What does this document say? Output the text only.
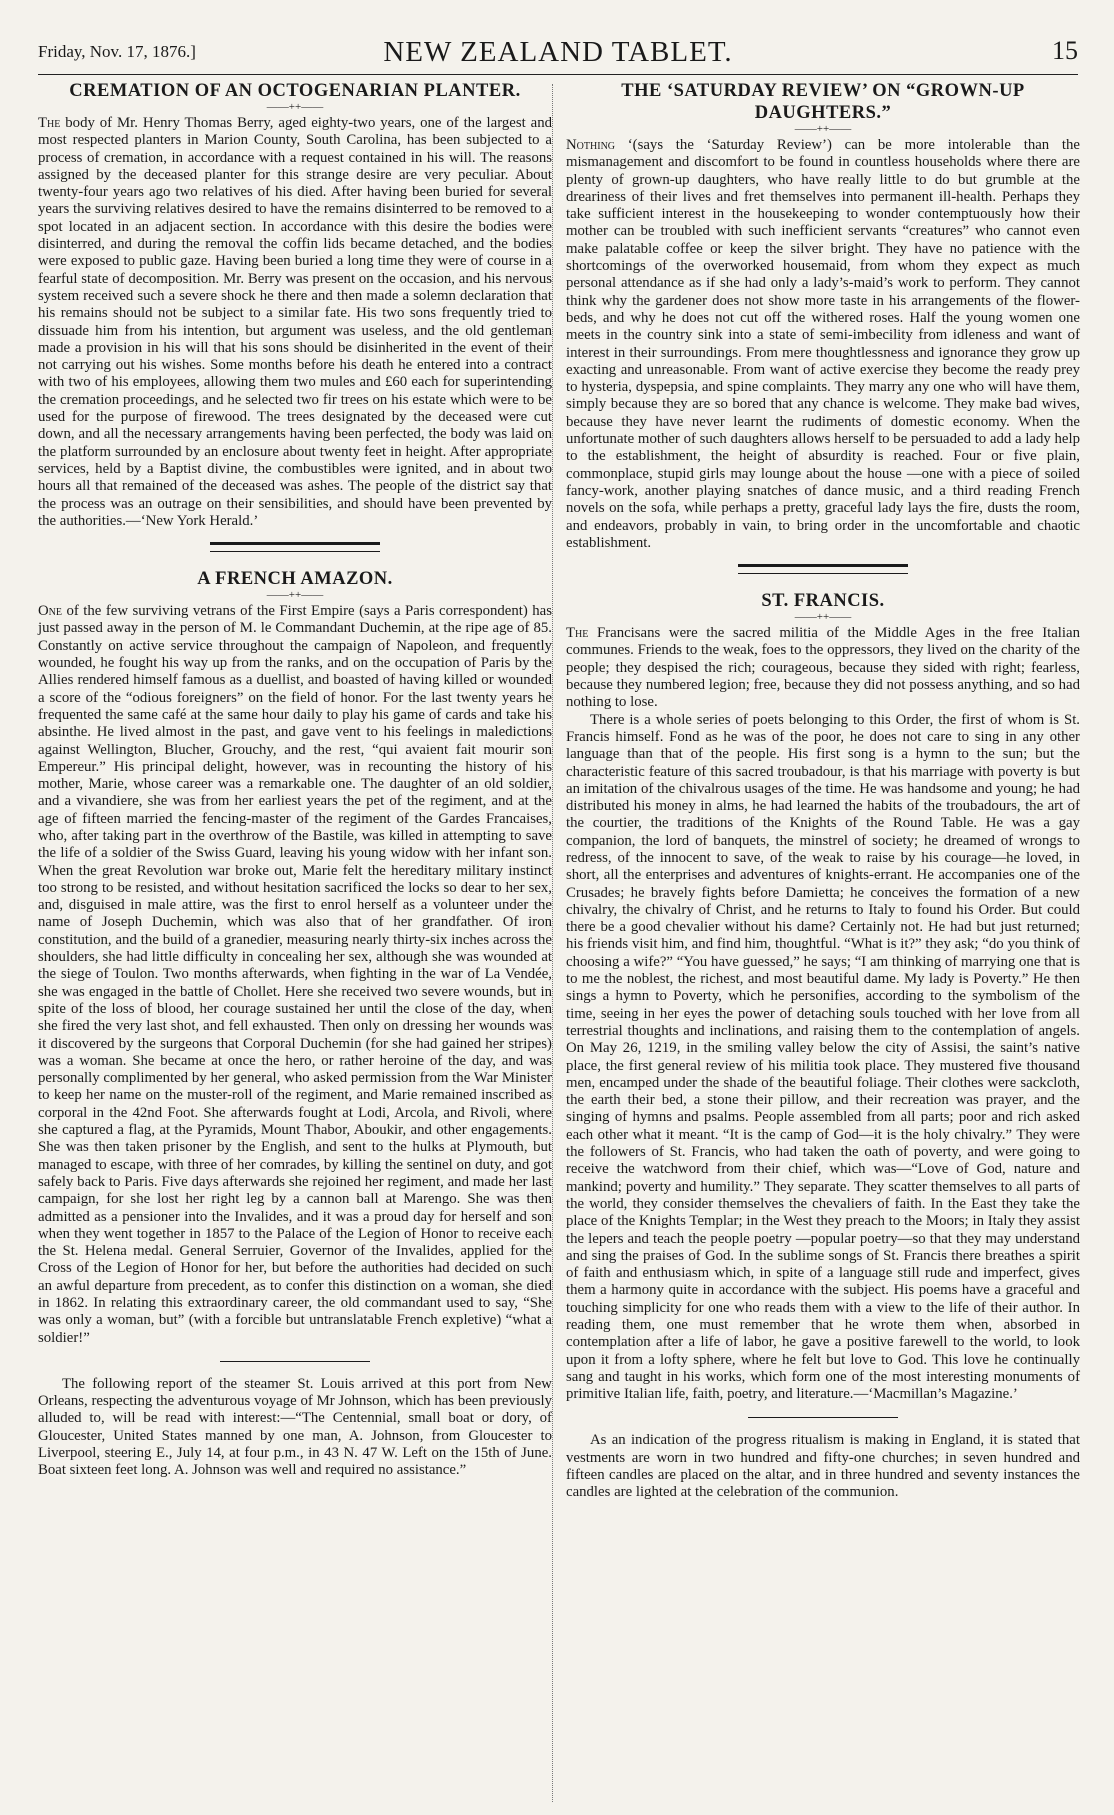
Friday, Nov. 17, 1876.]	NEW ZEALAND TABLET.	15
CREMATION OF AN OCTOGENARIAN PLANTER.
——++——

The body of Mr. Henry Thomas Berry, aged eighty-two years, one of the largest and most respected planters in Marion County, South Carolina, has been subjected to a process of cremation, in accordance with a request contained in his will. The reasons assigned by the deceased planter for this strange desire are very peculiar. About twenty-four years ago two relatives of his died. After having been buried for several years the surviving relatives desired to have the remains disinterred to be removed to a spot located in an adjacent section. In accordance with this desire the bodies were disinterred, and during the removal the coffin lids became detached, and the bodies were exposed to public gaze. Having been buried a long time they were of course in a fearful state of decomposition. Mr. Berry was present on the occasion, and his nervous system received such a severe shock he there and then made a solemn declaration that his remains should not be subject to a similar fate. His two sons frequently tried to dissuade him from his intention, but argument was useless, and the old gentleman made a provision in his will that his sons should be disinherited in the event of their not carrying out his wishes. Some months before his death he entered into a contract with two of his employees, allowing them two mules and £60 each for superintending the cremation proceedings, and he selected two fir trees on his estate which were to be used for the purpose of firewood. The trees designated by the deceased were cut down, and all the necessary arrangements having been perfected, the body was laid on the platform surrounded by an enclosure about twenty feet in height. After appropriate services, held by a Baptist divine, the combustibles were ignited, and in about two hours all that remained of the deceased was ashes. The people of the district say that the process was an outrage on their sensibilities, and should have been prevented by the authorities.—‘New York Herald.’

A FRENCH AMAZON.
——++——

One of the few surviving vetrans of the First Empire (says a Paris correspondent) has just passed away in the person of M. le Commandant Duchemin, at the ripe age of 85. Constantly on active service throughout the campaign of Napoleon, and frequently wounded, he fought his way up from the ranks, and on the occupation of Paris by the Allies rendered himself famous as a duellist, and boasted of having killed or wounded a score of the “odious foreigners” on the field of honor. For the last twenty years he frequented the same café at the same hour daily to play his game of cards and take his absinthe. He lived almost in the past, and gave vent to his feelings in maledictions against Wellington, Blucher, Grouchy, and the rest, “qui avaient fait mourir son Empereur.” His principal delight, however, was in recounting the history of his mother, Marie, whose career was a remarkable one. The daughter of an old soldier, and a vivandiere, she was from her earliest years the pet of the regiment, and at the age of fifteen married the fencing-master of the regiment of the Gardes Francaises, who, after taking part in the overthrow of the Bastile, was killed in attempting to save the life of a soldier of the Swiss Guard, leaving his young widow with her infant son. When the great Revolution war broke out, Marie felt the hereditary military instinct too strong to be resisted, and without hesitation sacrificed the locks so dear to her sex, and, disguised in male attire, was the first to enrol herself as a volunteer under the name of Joseph Duchemin, which was also that of her grandfather. Of iron constitution, and the build of a granedier, measuring nearly thirty-six inches across the shoulders, she had little difficulty in concealing her sex, although she was wounded at the siege of Toulon. Two months afterwards, when fighting in the war of La Vendée, she was engaged in the battle of Chollet. Here she received two severe wounds, but in spite of the loss of blood, her courage sustained her until the close of the day, when she fired the very last shot, and fell exhausted. Then only on dressing her wounds was it discovered by the surgeons that Corporal Duchemin (for she had gained her stripes) was a woman. She became at once the hero, or rather heroine of the day, and was personally complimented by her general, who asked permission from the War Minister to keep her name on the muster-roll of the regiment, and Marie remained inscribed as corporal in the 42nd Foot. She afterwards fought at Lodi, Arcola, and Rivoli, where she captured a flag, at the Pyramids, Mount Thabor, Aboukir, and other engagements. She was then taken prisoner by the English, and sent to the hulks at Plymouth, but managed to escape, with three of her comrades, by killing the sentinel on duty, and got safely back to Paris. Five days afterwards she rejoined her regiment, and made her last campaign, for she lost her right leg by a cannon ball at Marengo. She was then admitted as a pensioner into the Invalides, and it was a proud day for herself and son when they went together in 1857 to the Palace of the Legion of Honor to receive each the St. Helena medal. General Serruier, Governor of the Invalides, applied for the Cross of the Legion of Honor for her, but before the authorities had decided on such an awful departure from precedent, as to confer this distinction on a woman, she died in 1862. In relating this extraordinary career, the old commandant used to say, “She was only a woman, but” (with a forcible but untranslatable French expletive) “what a soldier!”

The following report of the steamer St. Louis arrived at this port from New Orleans, respecting the adventurous voyage of Mr Johnson, which has been previously alluded to, will be read with interest:—“The Centennial, small boat or dory, of Gloucester, United States manned by one man, A. Johnson, from Gloucester to Liverpool, steering E., July 14, at four p.m., in 43 N. 47 W. Left on the 15th of June. Boat sixteen feet long. A. Johnson was well and required no assistance.”

THE ‘SATURDAY REVIEW’ ON “GROWN-UP DAUGHTERS.”
——++——

Nothing ‘(says the ‘Saturday Review’) can be more intolerable than the mismanagement and discomfort to be found in countless households where there are plenty of grown-up daughters, who have really little to do but grumble at the dreariness of their lives and fret themselves into permanent ill-health. Perhaps they take sufficient interest in the housekeeping to wonder contemptuously how their mother can be troubled with such inefficient servants “creatures” who cannot even make palatable coffee or keep the silver bright. They have no patience with the shortcomings of the overworked housemaid, from whom they expect as much personal attendance as if she had only a lady’s-maid’s work to perform. They cannot think why the gardener does not show more taste in his arrangements of the flower-beds, and why he does not cut off the withered roses. Half the young women one meets in the country sink into a state of semi-imbecility from idleness and want of interest in their surroundings. From mere thoughtlessness and ignorance they grow up exacting and unreasonable. From want of active exercise they become the ready prey to hysteria, dyspepsia, and spine complaints. They marry any one who will have them, simply because they are so bored that any chance is welcome. They make bad wives, because they have never learnt the rudiments of domestic economy. When the unfortunate mother of such daughters allows herself to be persuaded to add a lady help to the establishment, the height of absurdity is reached. Four or five plain, commonplace, stupid girls may lounge about the house —one with a piece of soiled fancy-work, another playing snatches of dance music, and a third reading French novels on the sofa, while perhaps a pretty, graceful lady lays the fire, dusts the room, and endeavors, probably in vain, to bring order in the uncomfortable and chaotic establishment.

ST. FRANCIS.
——++——

The Francisans were the sacred militia of the Middle Ages in the free Italian communes. Friends to the weak, foes to the oppressors, they lived on the charity of the people; they despised the rich; courageous, because they sided with right; fearless, because they numbered legion; free, because they did not possess anything, and so had nothing to lose.

There is a whole series of poets belonging to this Order, the first of whom is St. Francis himself. Fond as he was of the poor, he does not care to sing in any other language than that of the people. His first song is a hymn to the sun; but the characteristic feature of this sacred troubadour, is that his marriage with poverty is but an imitation of the chivalrous usages of the time. He was handsome and young; he had distributed his money in alms, he had learned the habits of the troubadours, the art of the courtier, the traditions of the Knights of the Round Table. He was a gay companion, the lord of banquets, the minstrel of society; he dreamed of wrongs to redress, of the innocent to save, of the weak to raise by his courage—he loved, in short, all the enterprises and adventures of knights-errant. He accompanies one of the Crusades; he bravely fights before Damietta; he conceives the formation of a new chivalry, the chivalry of Christ, and he returns to Italy to found his Order. But could there be a good chevalier without his dame? Certainly not. He had but just returned; his friends visit him, and find him, thoughtful. “What is it?” they ask; “do you think of choosing a wife?” “You have guessed,” he says; “I am thinking of marrying one that is to me the noblest, the richest, and most beautiful dame. My lady is Poverty.” He then sings a hymn to Poverty, which he personifies, according to the symbolism of the time, seeing in her eyes the power of detaching souls touched with her love from all terrestrial thoughts and inclinations, and raising them to the contemplation of angels. On May 26, 1219, in the smiling valley below the city of Assisi, the saint’s native place, the first general review of his militia took place. They mustered five thousand men, encamped under the shade of the beautiful foliage. Their clothes were sackcloth, the earth their bed, a stone their pillow, and their recreation was prayer, and the singing of hymns and psalms. People assembled from all parts; poor and rich asked each other what it meant. “It is the camp of God—it is the holy chivalry.” They were the followers of St. Francis, who had taken the oath of poverty, and were going to receive the watchword from their chief, which was—“Love of God, nature and mankind; poverty and humility.” They separate. They scatter themselves to all parts of the world, they consider themselves the chevaliers of faith. In the East they take the place of the Knights Templar; in the West they preach to the Moors; in Italy they assist the lepers and teach the people poetry —popular poetry—so that they may understand and sing the praises of God. In the sublime songs of St. Francis there breathes a spirit of faith and enthusiasm which, in spite of a language still rude and imperfect, gives them a harmony quite in accordance with the subject. His poems have a graceful and touching simplicity for one who reads them with a view to the life of their author. In reading them, one must remember that he wrote them when, absorbed in contemplation after a life of labor, he gave a positive farewell to the world, to look upon it from a lofty sphere, where he felt but love to God. This love he continually sang and taught in his works, which form one of the most interesting monuments of primitive Italian life, faith, poetry, and literature.—‘Macmillan’s Magazine.’

As an indication of the progress ritualism is making in England, it is stated that vestments are worn in two hundred and fifty-one churches; in seven hundred and fifteen candles are placed on the altar, and in three hundred and seventy instances the candles are lighted at the celebration of the communion.
